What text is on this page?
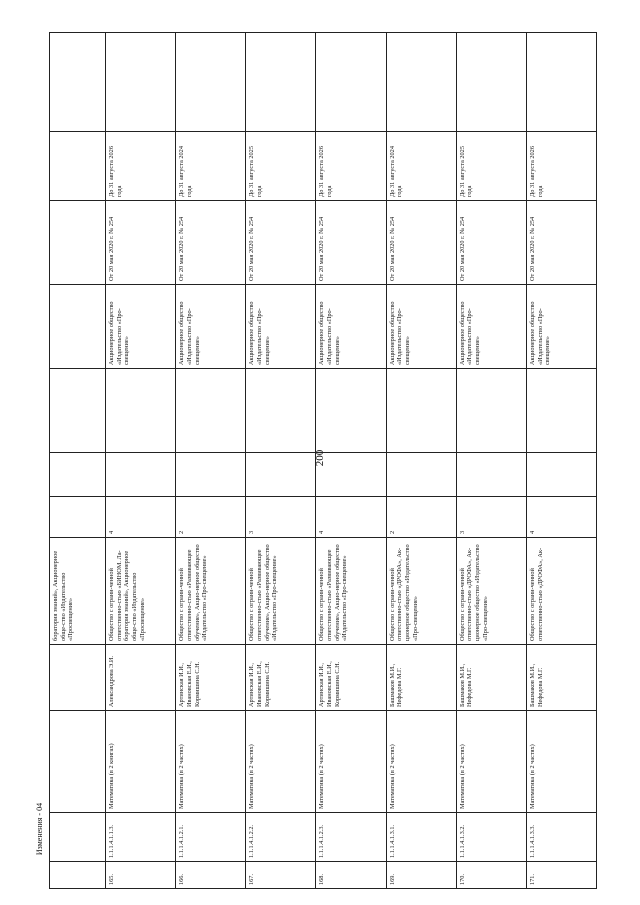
200
Изменения - 04
				боратория знаний», Акционерное обще-ство «Издательство «Просвещение»							
165.	1.1.1.4.1.1.3.	Математика (в 2 книгах)	Александрова Э.И.	Общество с ограни-ченной ответственно-стью «БИНОМ. Ла-боратория знаний», Акционерное обще-ство «Издательство «Просвещение»	4			Акционерное общество «Издательство «Про-свещение»	От 20 мая 2020 г. № 254	До 31 августа 2026 года	
166.	1.1.1.4.1.2.1.	Математика (в 2 частях)	Артинская И.И., Ивановская Е.И., Кормишина С.Н.	Общество с ограни-ченной ответственно-стью «Развивающее обучение», Акцио-нерное общество «Издательство «Про-свещение»	2			Акционерное общество «Издательство «Про-свещение»	От 20 мая 2020 г. № 254	До 31 августа 2024 года	
167.	1.1.1.4.1.2.2.	Математика (в 2 частях)	Артинская И.И., Ивановская Е.И., Кормишина С.Н.	Общество с ограни-ченной ответственно-стью «Развивающее обучение», Акцио-нерное общество «Издательство «Про-свещение»	3			Акционерное общество «Издательство «Про-свещение»	От 20 мая 2020 г. № 254	До 31 августа 2025 года	
168.	1.1.1.4.1.2.3.	Математика (в 2 частях)	Артинская И.И., Ивановская Е.И., Кормишина С.Н.	Общество с ограни-ченной ответственно-стью «Развивающее обучение», Акцио-нерное общество «Издательство «Про-свещение»	4			Акционерное общество «Издательство «Про-свещение»	От 20 мая 2020 г. № 254	До 31 августа 2026 года	
169.	1.1.1.4.1.3.1.	Математика (в 2 частях)	Башмаков М.И., Нефедова М.Г.	Общество с ограни-ченной ответственно-стью «ДРОФА», Ак-ционерное общество «Издательство «Про-свещение»	2			Акционерное общество «Издательство «Про-свещение»	От 20 мая 2020 г. № 254	До 31 августа 2024 года	
170.	1.1.1.4.1.3.2.	Математика (в 2 частях)	Башмаков М.И., Нефедова М.Г.	Общество с ограни-ченной ответственно-стью «ДРОФА», Ак-ционерное общество «Издательство «Про-свещение»	3			Акционерное общество «Издательство «Про-свещение»	От 20 мая 2020 г. № 254	До 31 августа 2025 года	
171.	1.1.1.4.1.3.3.	Математика (в 2 частях)	Башмаков М.И., Нефедова М.Г.	Общество с ограни-ченной ответственно-стью «ДРОФА», Ак-	4			Акционерное общество «Издательство «Про-свещение»	От 20 мая 2020 г. № 254	До 31 августа 2026 года	
